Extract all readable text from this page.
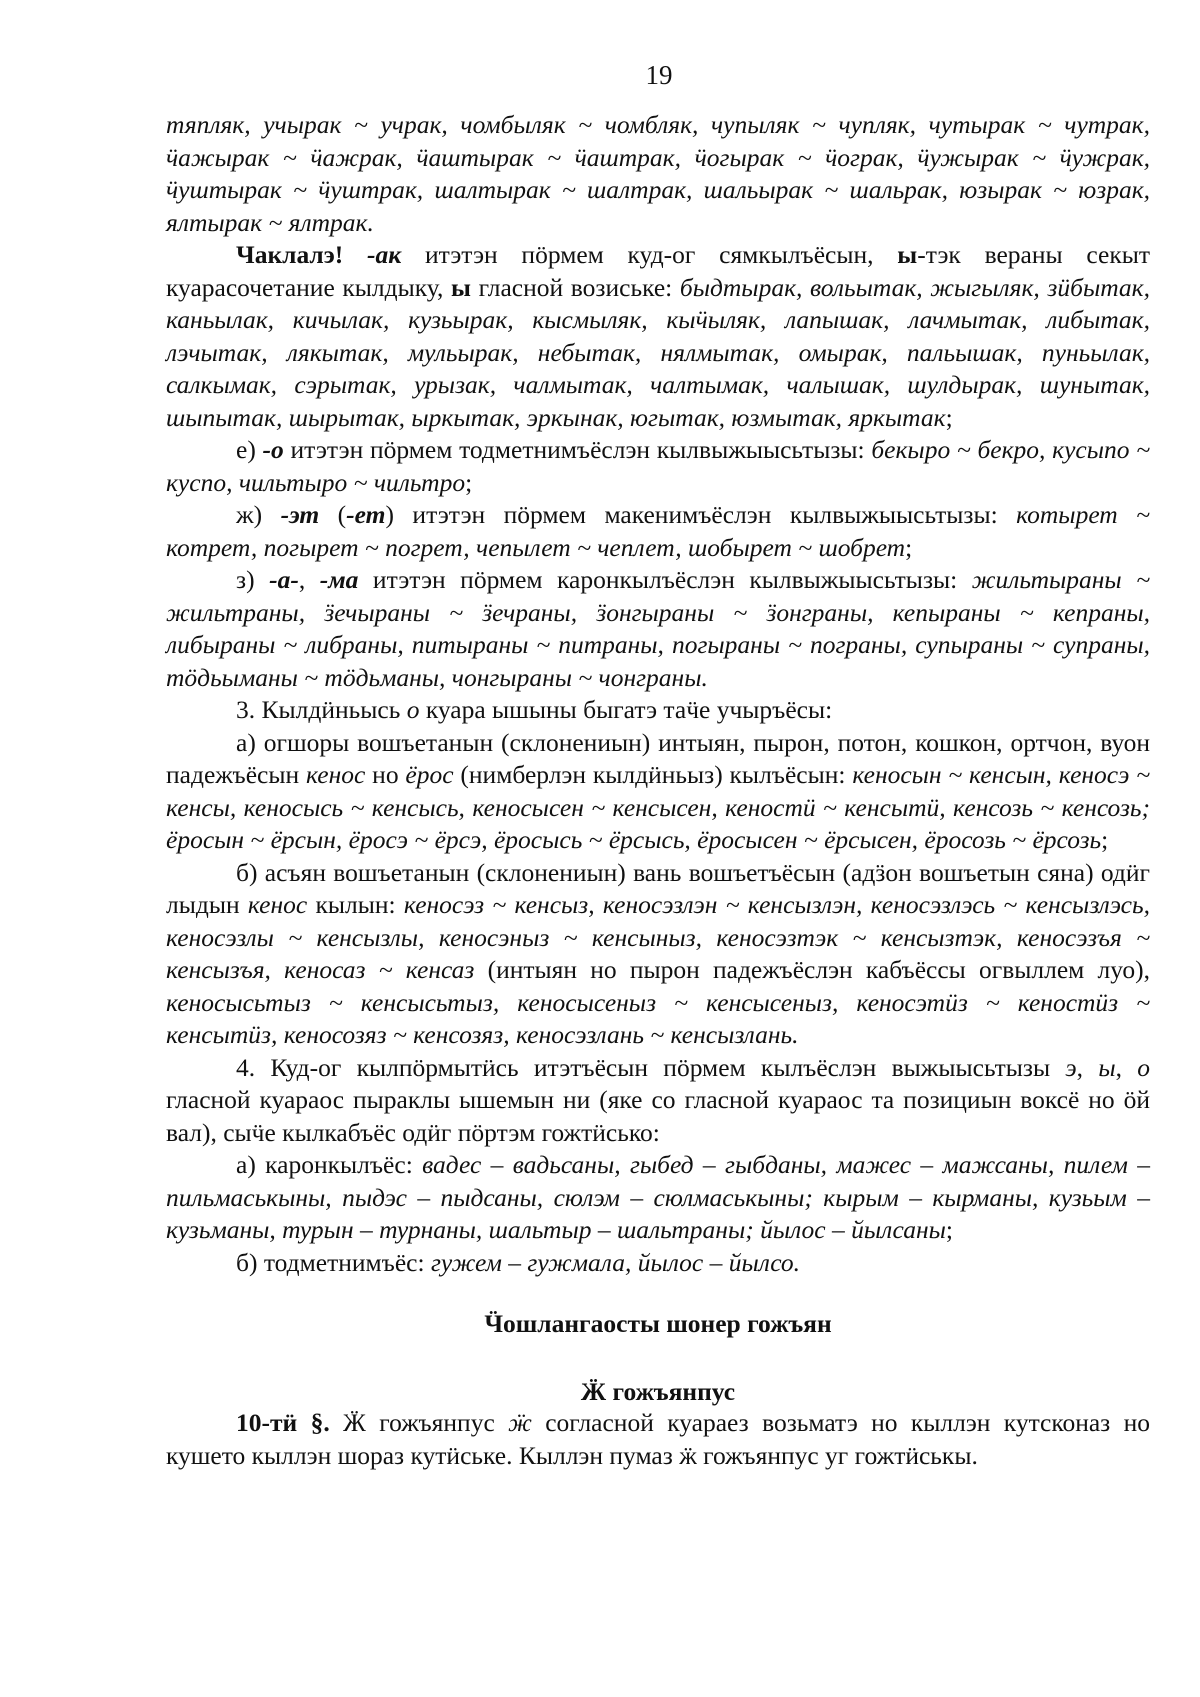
19

тяпляк, учырак ~ учрак, чомбыляк ~ чомбляк, чупыляк ~ чупляк, чутырак ~ чутрак, ӵажырак ~ ӵажрак, ӵаштырак ~ ӵаштрак, ӵогырак ~ ӵограк, ӵужырак ~ ӵужрак, ӵуштырак ~ ӵуштрак, шалтырак ~ шалтрак, шальырак ~ шальрак, юзырак ~ юзрак, ялтырак ~ ялтрак.

Чаклалэ! -ак итэтэн пӧрмем куд-ог сямкылъёсын, ы-тэк вераны секыт куарасочетание кылдыку, ы гласной возиське: быдтырак, вольытак, жыгыляк, зӥбытак, каньылак, кичылак, кузьырак, кысмыляк, кыӵыляк, лапышак, лачмытак, либытак, лэчытак, лякытак, мульырак, небытак, нялмытак, омырак, пальышак, пуньылак, салкымак, сэрытак, урызак, чалмытак, чалтымак, чалышак, шулдырак, шунытак, шыпытак, шырытак, ыркытак, эркынак, югытак, юзмытак, яркытак;

е) -о итэтэн пӧрмем тодметнимъёслэн кылвыжыысьтызы: бекыро ~ бекро, кусыпо ~ куспо, чильтыро ~ чильтро;

ж) -эт (-ет) итэтэн пӧрмем макенимъёслэн кылвыжыысьтызы: котырет ~ котрет, погырет ~ погрет, чепылет ~ чеплет, шобырет ~ шобрет;

з) -а-, -ма итэтэн пӧрмем каронкылъёслэн кылвыжыысьтызы: жильтыраны ~ жильтраны, ӟечыраны ~ ӟечраны, ӟонгыраны ~ ӟонграны, кепыраны ~ кепраны, либыраны ~ либраны, питыраны ~ питраны, погыраны ~ пограны, супыраны ~ супраны, тӧдьыманы ~ тӧдьманы, чонгыраны ~ чонграны.

3. Кылдӥньысь о куара ышыны быгатэ таӵе учыръёсы:

а) огшоры вошъетанын (склонениын) интыян, пырон, потон, кошкон, ортчон, вуон падежъёсын кенос но ёрос (нимберлэн кылдӥньыз) кылъёсын: кеносын ~ кенсын, кеносэ ~ кенсы, кеносысь ~ кенсысь, кеносысен ~ кенсысен, кеностӥ ~ кенсытӥ, кенсозь ~ кенсозь; ёросын ~ ёрсын, ёросэ ~ ёрсэ, ёросысь ~ ёрсысь, ёросысен ~ ёрсысен, ёросозь ~ ёрсозь;

б) асъян вошъетанын (склонениын) вань вошъетъёсын (адӟон вошъетын сяна) одӥг лыдын кенос кылын: кеносэз ~ кенсыз, кеносэзлэн ~ кенсызлэн, кеносэзлэсь ~ кенсызлэсь, кеносэзлы ~ кенсызлы, кеносэныз ~ кенсыныз, кеносэзтэк ~ кенсызтэк, кеносэзъя ~ кенсызъя, кеносаз ~ кенсаз (интыян но пырон падежъёслэн кабъёссы огвыллем луо), кеносысьтыз ~ кенсысьтыз, кеносысеныз ~ кенсысеныз, кеносэтӥз ~ кеностӥз ~ кенсытӥз, кеносозяз ~ кенсозяз, кеносэзлань ~ кенсызлань.

4. Куд-ог кылпӧрмытӥсь итэтъёсын пӧрмем кылъёслэн выжыысьтызы э, ы, о гласной куараос пыраклы ышемын ни (яке со гласной куараос та позициын воксё но ӧй вал), сыӵе кылкабъёс одӥг пӧртэм гожтӥсько:

а) каронкылъёс: вадес – вадьсаны, гыбед – гыбданы, мажес – мажсаны, пилем – пильмаськыны, пыдэс – пыдсаны, сюлэм – сюлмаськыны; кырым – кырманы, кузьым – кузьманы, турын – турнаны, шальтыр – шальтраны; йылос – йылсаны;

б) тодметнимъёс: гужем – гужмала, йылос – йылсо.

Ӵошлангаосты шонер гожъян
Ӝ гожъянпус

10-тӥ §. Ӝ гожъянпус ӝ согласной куараез возьматэ но кыллэн кутсконаз но кушето кыллэн шораз кутӥське. Кыллэн пумаз ӝ гожъянпус уг гожтӥськы.
